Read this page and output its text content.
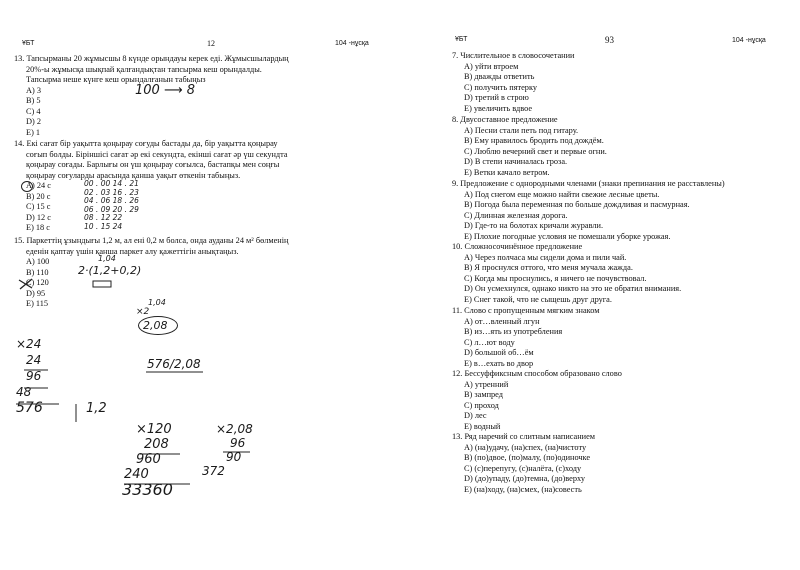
ҰБТ	12	104 -нұсқа
13. Тапсырманы 20 жұмысшы 8 күнде орындауы керек еді. Жұмысшылардың
20%-ы жұмысқа шықпай қалғандықтан тапсырма кеш орындалды.
Тапсырма неше күнге кеш орындалғанын табыңыз
A) 3
B) 5
C) 4
D) 2
E) 1
14. Екі сағат бір уақытта қоңырау соғуды бастады да, бір уақытта қоңырау
соғып болды. Біріншісі сағат әр екі секундта, екінші сағат әр үш секундта
қоңырау соғады. Барлығы он үш қоңырау соғылса, бастапқы мен соңғы
қоңырау соғуларды арасында қанша уақыт өткенін табыңыз.
A) 24 с
B) 20 с
C) 15 с
D) 12 с
E) 18 с
15. Паркеттің ұзындығы 1,2 м, ал ені 0,2 м болса, онда ауданы 24 м² бөлменің
еденін қаптау үшін қанша паркет алу қажеттігін анықтаңыз.
A) 100
B) 110
C) 120
D) 95
E) 115
100 ⟶ 8
00 . 00 14 . 21
02 . 03 16 . 23
04 . 06 18 . 26
06 . 09 20 . 29
08 . 12 22
10 . 15 24
1,04
2·(1,2+0,2)
1,04
×2
2,08
576/2,08
×24
24
96
48
576	1,2
×120
208
960
240
33360
×2,08
96
90
372
ҰБТ	93	104 -нұсқа
7. Числительное в словосочетании
A) уйти втроем
B) дважды ответить
C) получить пятерку
D) третий в строю
E) увеличить вдвое
8. Двусоставное предложение
A) Песни стали петь под гитару.
B) Ему нравилось бродить под дождём.
C) Люблю вечерний свет и первые огни.
D) В степи начиналась гроза.
E) Ветки качало ветром.
9. Предложение с однородными членами (знаки препинания не расставлены)
A) Под снегом еще можно найти свежие лесные цветы.
B) Погода была переменная по больше дождливая и пасмурная.
C) Длинная железная дорога.
D) Где-то на болотах кричали журавли.
E) Плохие погодные условия не помешали уборке урожая.
10. Сложносочинённое предложение
A) Через полчаса мы сидели дома и пили чай.
B) Я проснулся оттого, что меня мучала жажда.
C) Когда мы проснулись, я ничего не почувствовал.
D) Он усмехнулся, однако никто на это не обратил внимания.
E) Снег такой, что не сыщешь друг друга.
11. Слово с пропущенным мягким знаком
A) от…вленный лгун
B) из…ять из употребления
C) л…ют воду
D) большой об…ём
E) в…ехать во двор
12. Бессуффиксным способом образовано слово
A) утренний
B) зампред
C) проход
D) лес
E) водный
13. Ряд наречий со слитным написанием
A) (на)удачу, (на)спех, (на)чистоту
B) (по)двое, (по)малу, (по)одиночке
C) (с)перепугу, (с)налёта, (с)ходу
D) (до)упаду, (до)темна, (до)верху
E) (на)ходу, (на)смех, (на)совесть
